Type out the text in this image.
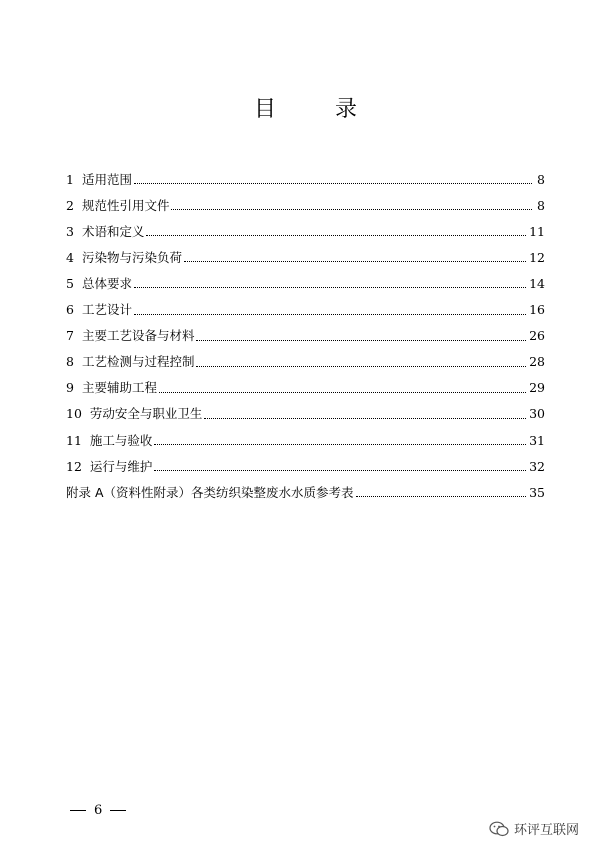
目 录
1 适用范围	8
2 规范性引用文件	8
3 术语和定义	11
4 污染物与污染负荷	12
5 总体要求	14
6 工艺设计	16
7 主要工艺设备与材料	26
8 工艺检测与过程控制	28
9 主要辅助工程	29
10 劳动安全与职业卫生	30
11 施工与验收	31
12 运行与维护	32
附录 A（资料性附录）各类纺织染整废水水质参考表	35
6
环评互联网
